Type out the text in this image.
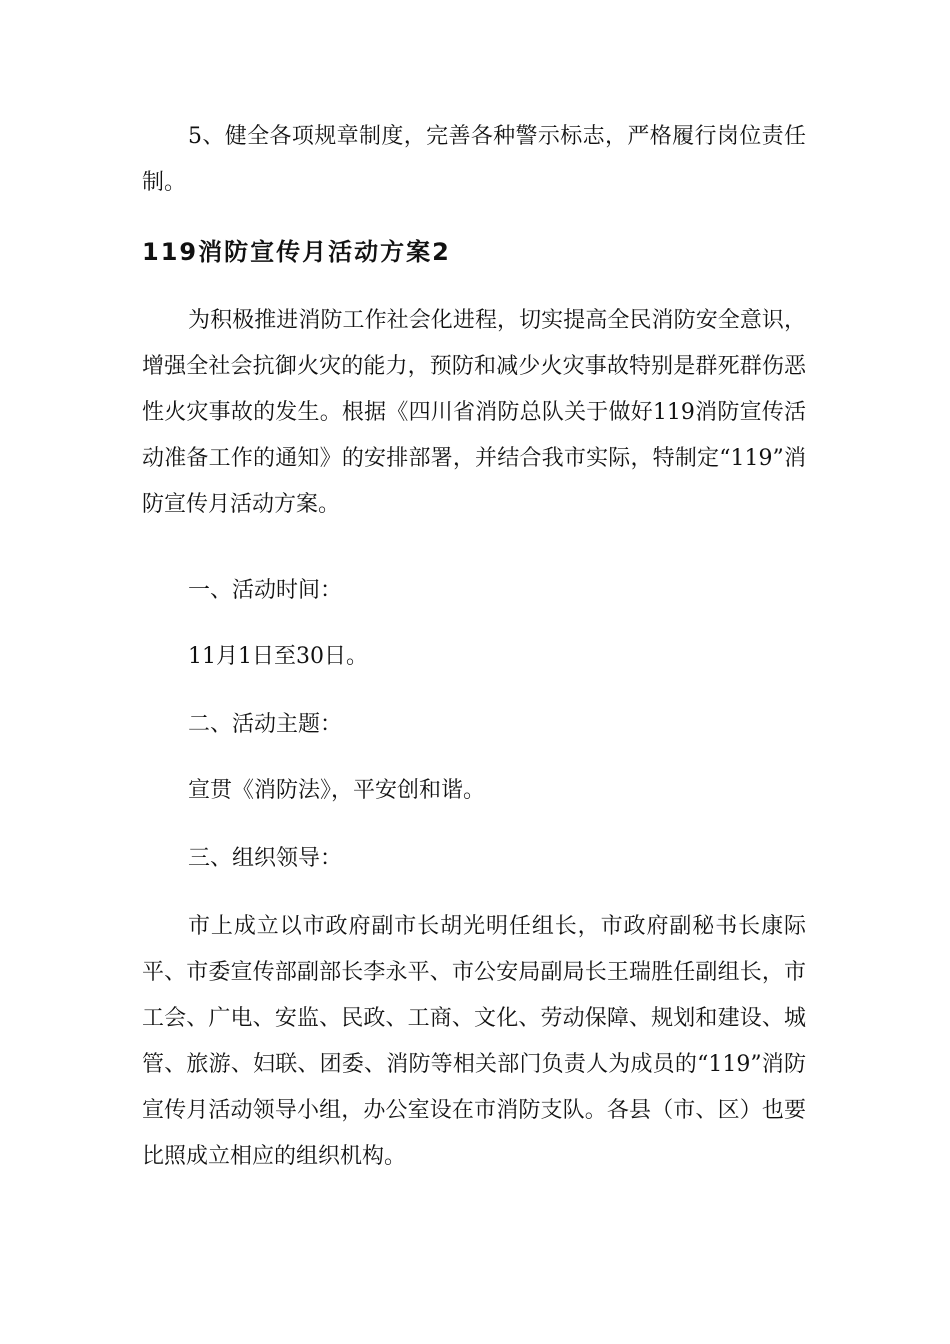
5、健全各项规章制度，完善各种警示标志，严格履行岗位责任制。

119消防宣传月活动方案2

为积极推进消防工作社会化进程，切实提高全民消防安全意识，增强全社会抗御火灾的能力，预防和减少火灾事故特别是群死群伤恶性火灾事故的发生。根据《四川省消防总队关于做好119消防宣传活动准备工作的通知》的安排部署，并结合我市实际，特制定“119”消防宣传月活动方案。

一、活动时间：

11月1日至30日。

二、活动主题：

宣贯《消防法》，平安创和谐。

三、组织领导：

市上成立以市政府副市长胡光明任组长，市政府副秘书长康际平、市委宣传部副部长李永平、市公安局副局长王瑞胜任副组长，市工会、广电、安监、民政、工商、文化、劳动保障、规划和建设、城管、旅游、妇联、团委、消防等相关部门负责人为成员的“119”消防宣传月活动领导小组，办公室设在市消防支队。各县（市、区）也要比照成立相应的组织机构。
